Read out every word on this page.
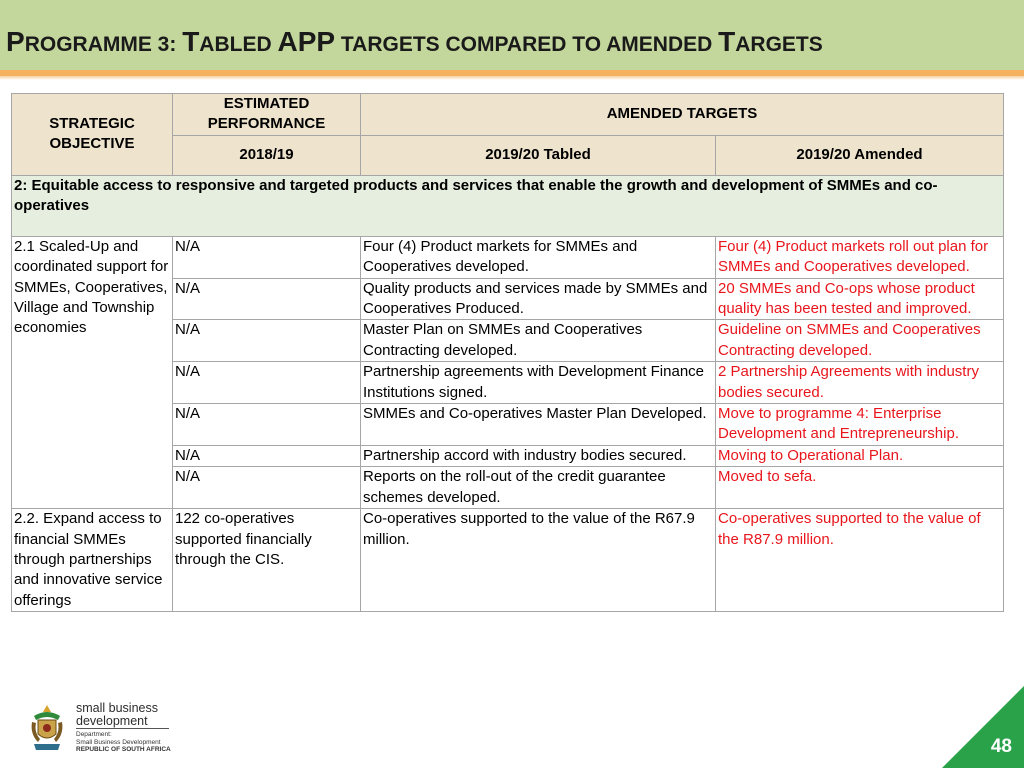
PROGRAMME 3: TABLED APP TARGETS COMPARED TO AMENDED TARGETS
STRATEGIC OBJECTIVE	ESTIMATED PERFORMANCE	AMENDED TARGETS	
	2018/19	2019/20 Tabled	2019/20 Amended
2: Equitable access to responsive and targeted products and services that enable the growth and development of SMMEs and co-operatives			
2.1 Scaled-Up and coordinated support for SMMEs, Cooperatives, Village and Township economies	N/A	Four (4) Product markets for SMMEs and Cooperatives developed.	Four (4) Product markets roll out plan for SMMEs and Cooperatives developed.
	N/A	Quality products and services made by SMMEs and Cooperatives Produced.	20 SMMEs and Co-ops whose product quality has been tested and improved.
	N/A	Master Plan on SMMEs and Cooperatives Contracting developed.	Guideline on SMMEs and Cooperatives Contracting developed.
	N/A	Partnership agreements with Development Finance Institutions signed.	2 Partnership Agreements with industry bodies secured.
	N/A	SMMEs and Co-operatives Master Plan Developed.	Move to programme 4: Enterprise Development and Entrepreneurship.
	N/A	Partnership accord with industry bodies secured.	Moving to Operational Plan.
	N/A	Reports on the roll-out of the credit guarantee schemes developed.	Moved to sefa.
2.2. Expand access to financial SMMEs through partnerships and innovative service offerings	122 co-operatives supported financially through the CIS.	Co-operatives supported to the value of the R67.9 million.	Co-operatives supported to the value of the R87.9 million.
small business
development
Department:
Small Business Development
REPUBLIC OF SOUTH AFRICA	48
